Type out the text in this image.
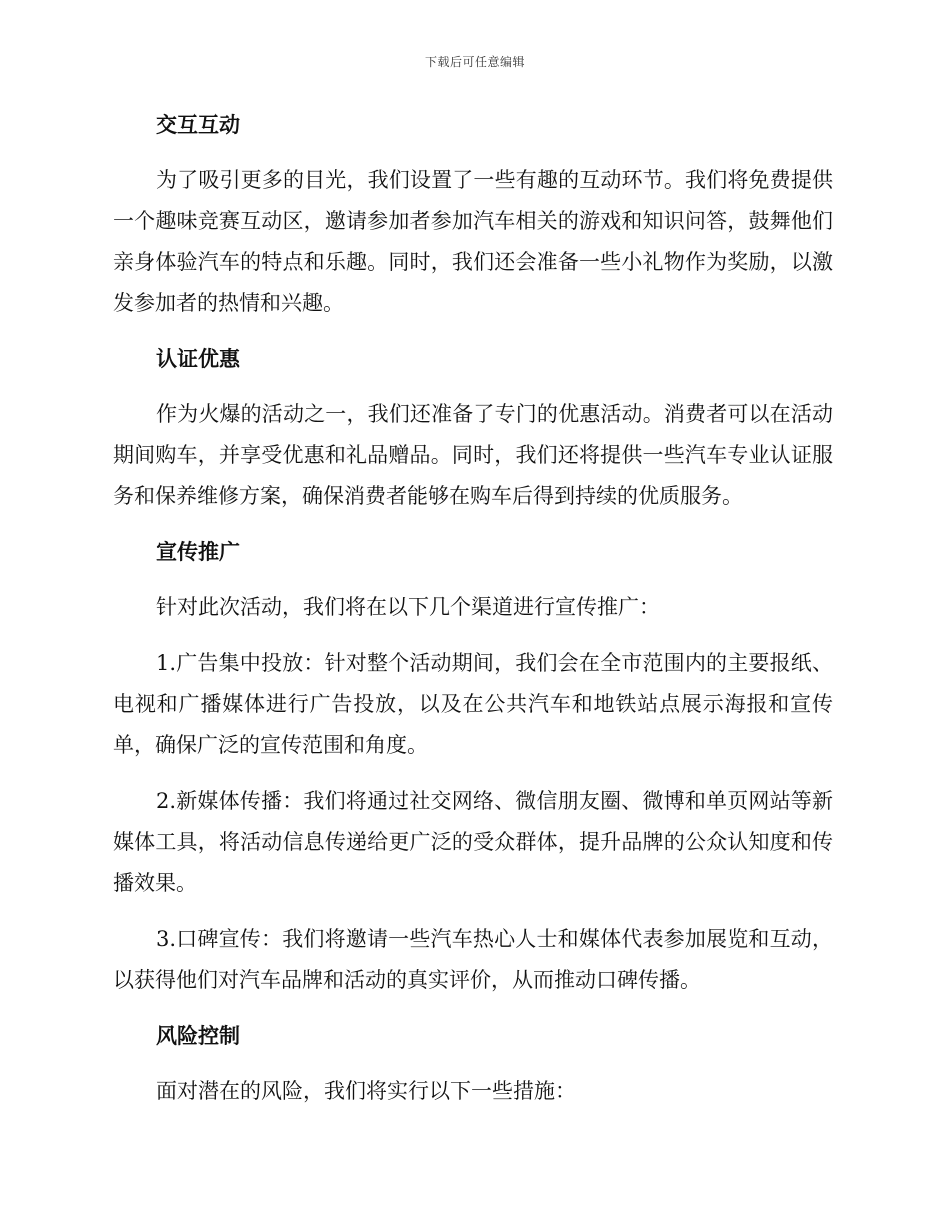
下载后可任意编辑
交互互动

为了吸引更多的目光，我们设置了一些有趣的互动环节。我们将免费提供一个趣味竞赛互动区，邀请参加者参加汽车相关的游戏和知识问答，鼓舞他们亲身体验汽车的特点和乐趣。同时，我们还会准备一些小礼物作为奖励，以激发参加者的热情和兴趣。

认证优惠

作为火爆的活动之一，我们还准备了专门的优惠活动。消费者可以在活动期间购车，并享受优惠和礼品赠品。同时，我们还将提供一些汽车专业认证服务和保养维修方案，确保消费者能够在购车后得到持续的优质服务。

宣传推广

针对此次活动，我们将在以下几个渠道进行宣传推广：

1.广告集中投放：针对整个活动期间，我们会在全市范围内的主要报纸、电视和广播媒体进行广告投放，以及在公共汽车和地铁站点展示海报和宣传单，确保广泛的宣传范围和角度。

2.新媒体传播：我们将通过社交网络、微信朋友圈、微博和单页网站等新媒体工具，将活动信息传递给更广泛的受众群体，提升品牌的公众认知度和传播效果。

3.口碑宣传：我们将邀请一些汽车热心人士和媒体代表参加展览和互动，以获得他们对汽车品牌和活动的真实评价，从而推动口碑传播。

风险控制

面对潜在的风险，我们将实行以下一些措施：
